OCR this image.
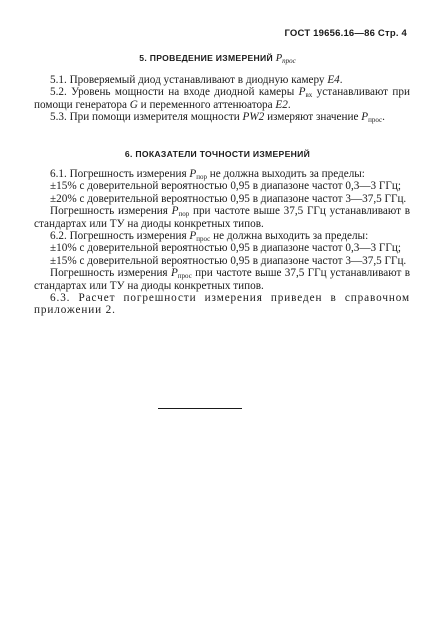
ГОСТ 19656.16—86 Стр. 4
5. ПРОВЕДЕНИЕ ИЗМЕРЕНИЙ $P_{прос}$
5.1. Проверяемый диод устанавливают в диодную камеру E4.
5.2. Уровень мощности на входе диодной камеры $P_{вх}$ устанавливают при помощи генератора G и переменного аттенюатора E2.
5.3. При помощи измерителя мощности PW2 измеряют значение $P_{прос}$.
6. ПОКАЗАТЕЛИ ТОЧНОСТИ ИЗМЕРЕНИЙ
6.1. Погрешность измерения $P_{пор}$ не должна выходить за пределы:
±15% с доверительной вероятностью 0,95 в диапазоне частот 0,3—3 ГГц;
±20% с доверительной вероятностью 0,95 в диапазоне частот 3—37,5 ГГц.
Погрешность измерения $P_{пор}$ при частоте выше 37,5 ГГц устанавливают в стандартах или ТУ на диоды конкретных типов.
6.2. Погрешность измерения $P_{прос}$ не должна выходить за пределы:
±10% с доверительной вероятностью 0,95 в диапазоне частот 0,3—3 ГГц;
±15% с доверительной вероятностью 0,95 в диапазоне частот 3—37,5 ГГц.
Погрешность измерения $P_{прос}$ при частоте выше 37,5 ГГц устанавливают в стандартах или ТУ на диоды конкретных типов.
6.3. Расчет погрешности измерения приведен в справочном приложении 2.
